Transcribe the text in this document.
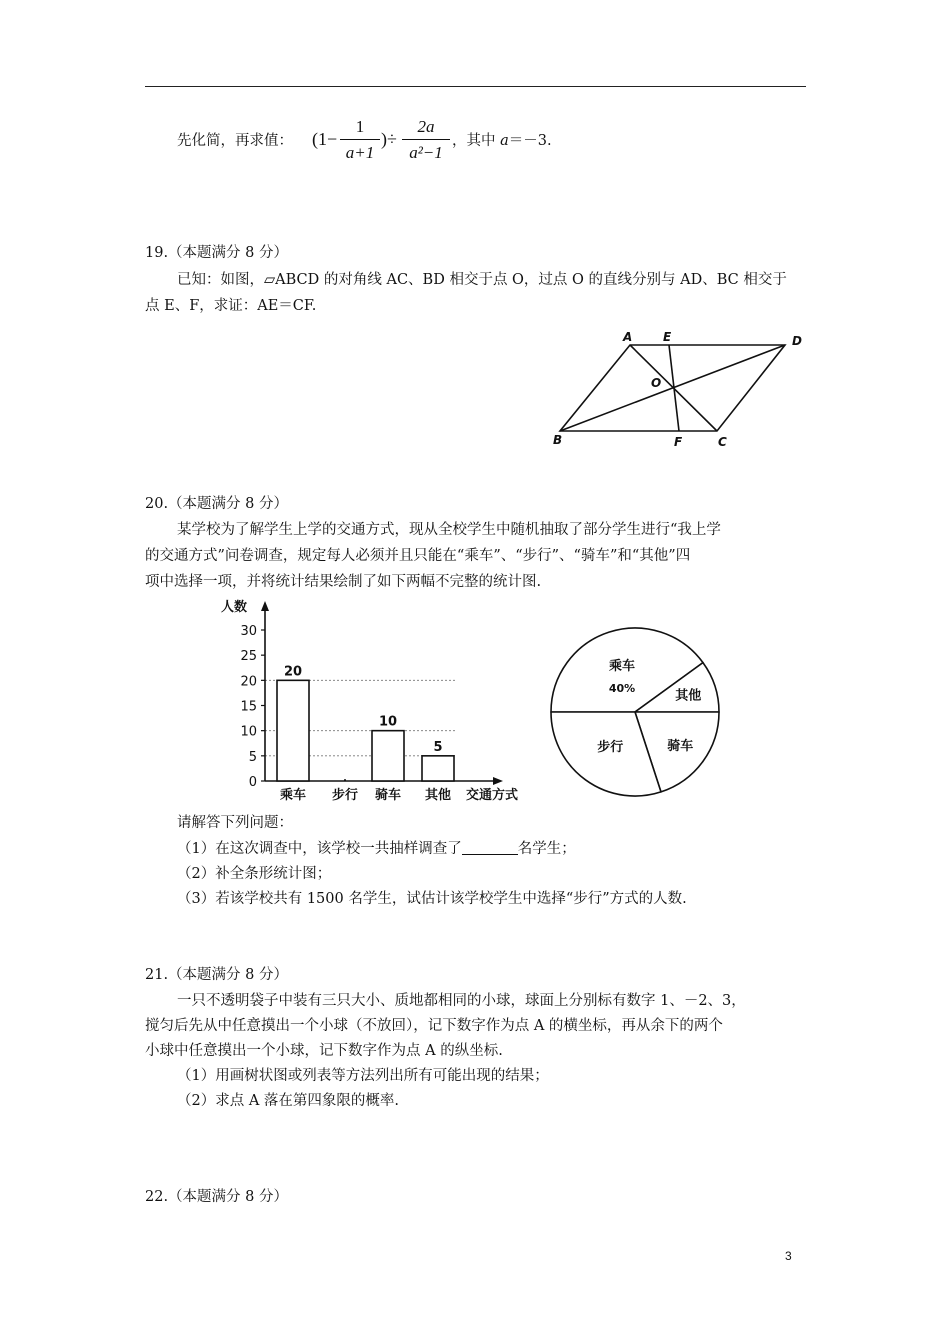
先化简，再求值： (1−
1
a+1
)÷
2a
a²−1
，其中 a＝－3.
19.（本题满分 8 分）
已知：如图，▱ABCD 的对角线 AC、BD 相交于点 O，过点 O 的直线分别与 AD、BC 相交于
点 E、F，求证：AE＝CF.
A	E	D
O
B	F	C
20.（本题满分 8 分）
某学校为了解学生上学的交通方式，现从全校学生中随机抽取了部分学生进行“我上学
的交通方式”问卷调查，规定每人必须并且只能在“乘车”、“步行”、“骑车”和“其他”四
项中选择一项，并将统计结果绘制了如下两幅不完整的统计图.
人数
0
5
10
15
20
25
30
20
10
5
乘车 步行 骑车 其他 交通方式
乘车
40%
其他
骑车
步行
请解答下列问题：
（1）在这次调查中，该学校一共抽样调查了	名学生；
（2）补全条形统计图；
（3）若该学校共有 1500 名学生，试估计该学校学生中选择“步行”方式的人数.
21.（本题满分 8 分）
一只不透明袋子中装有三只大小、质地都相同的小球，球面上分别标有数字 1、－2、3，
搅匀后先从中任意摸出一个小球（不放回），记下数字作为点 A 的横坐标，再从余下的两个
小球中任意摸出一个小球，记下数字作为点 A 的纵坐标.
（1）用画树状图或列表等方法列出所有可能出现的结果；
（2）求点 A 落在第四象限的概率.
22.（本题满分 8 分）
3
